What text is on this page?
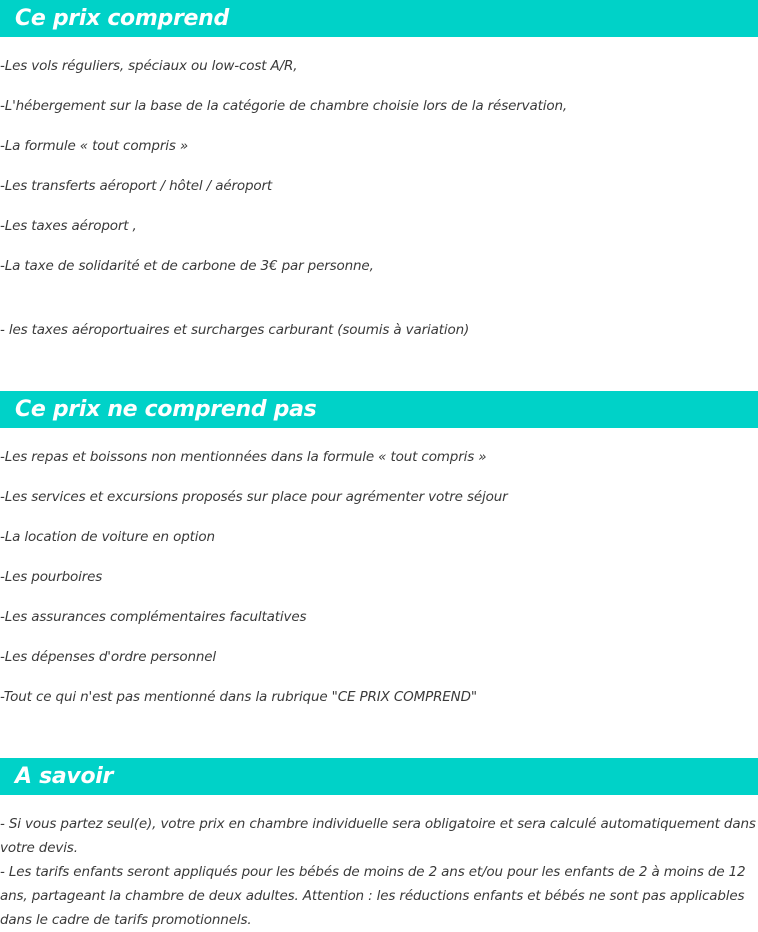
Ce prix comprend

-Les vols réguliers, spéciaux ou low-cost A/R,

-L'hébergement sur la base de la catégorie de chambre choisie lors de la réservation,

-La formule « tout compris »

-Les transferts aéroport / hôtel / aéroport

-Les taxes aéroport ,

-La taxe de solidarité et de carbone de 3€ par personne,

- les taxes aéroportuaires et surcharges carburant (soumis à variation)

Ce prix ne comprend pas

-Les repas et boissons non mentionnées dans la formule « tout compris »

-Les services et excursions proposés sur place pour agrémenter votre séjour

-La location de voiture en option

-Les pourboires

-Les assurances complémentaires facultatives

-Les dépenses d'ordre personnel

-Tout ce qui n'est pas mentionné dans la rubrique "CE PRIX COMPREND"

A savoir

- Si vous partez seul(e), votre prix en chambre individuelle sera obligatoire et sera calculé automatiquement dans votre devis.

- Les tarifs enfants seront appliqués pour les bébés de moins de 2 ans et/ou pour les enfants de 2 à moins de 12 ans, partageant la chambre de deux adultes. Attention : les réductions enfants et bébés ne sont pas applicables dans le cadre de tarifs promotionnels.
